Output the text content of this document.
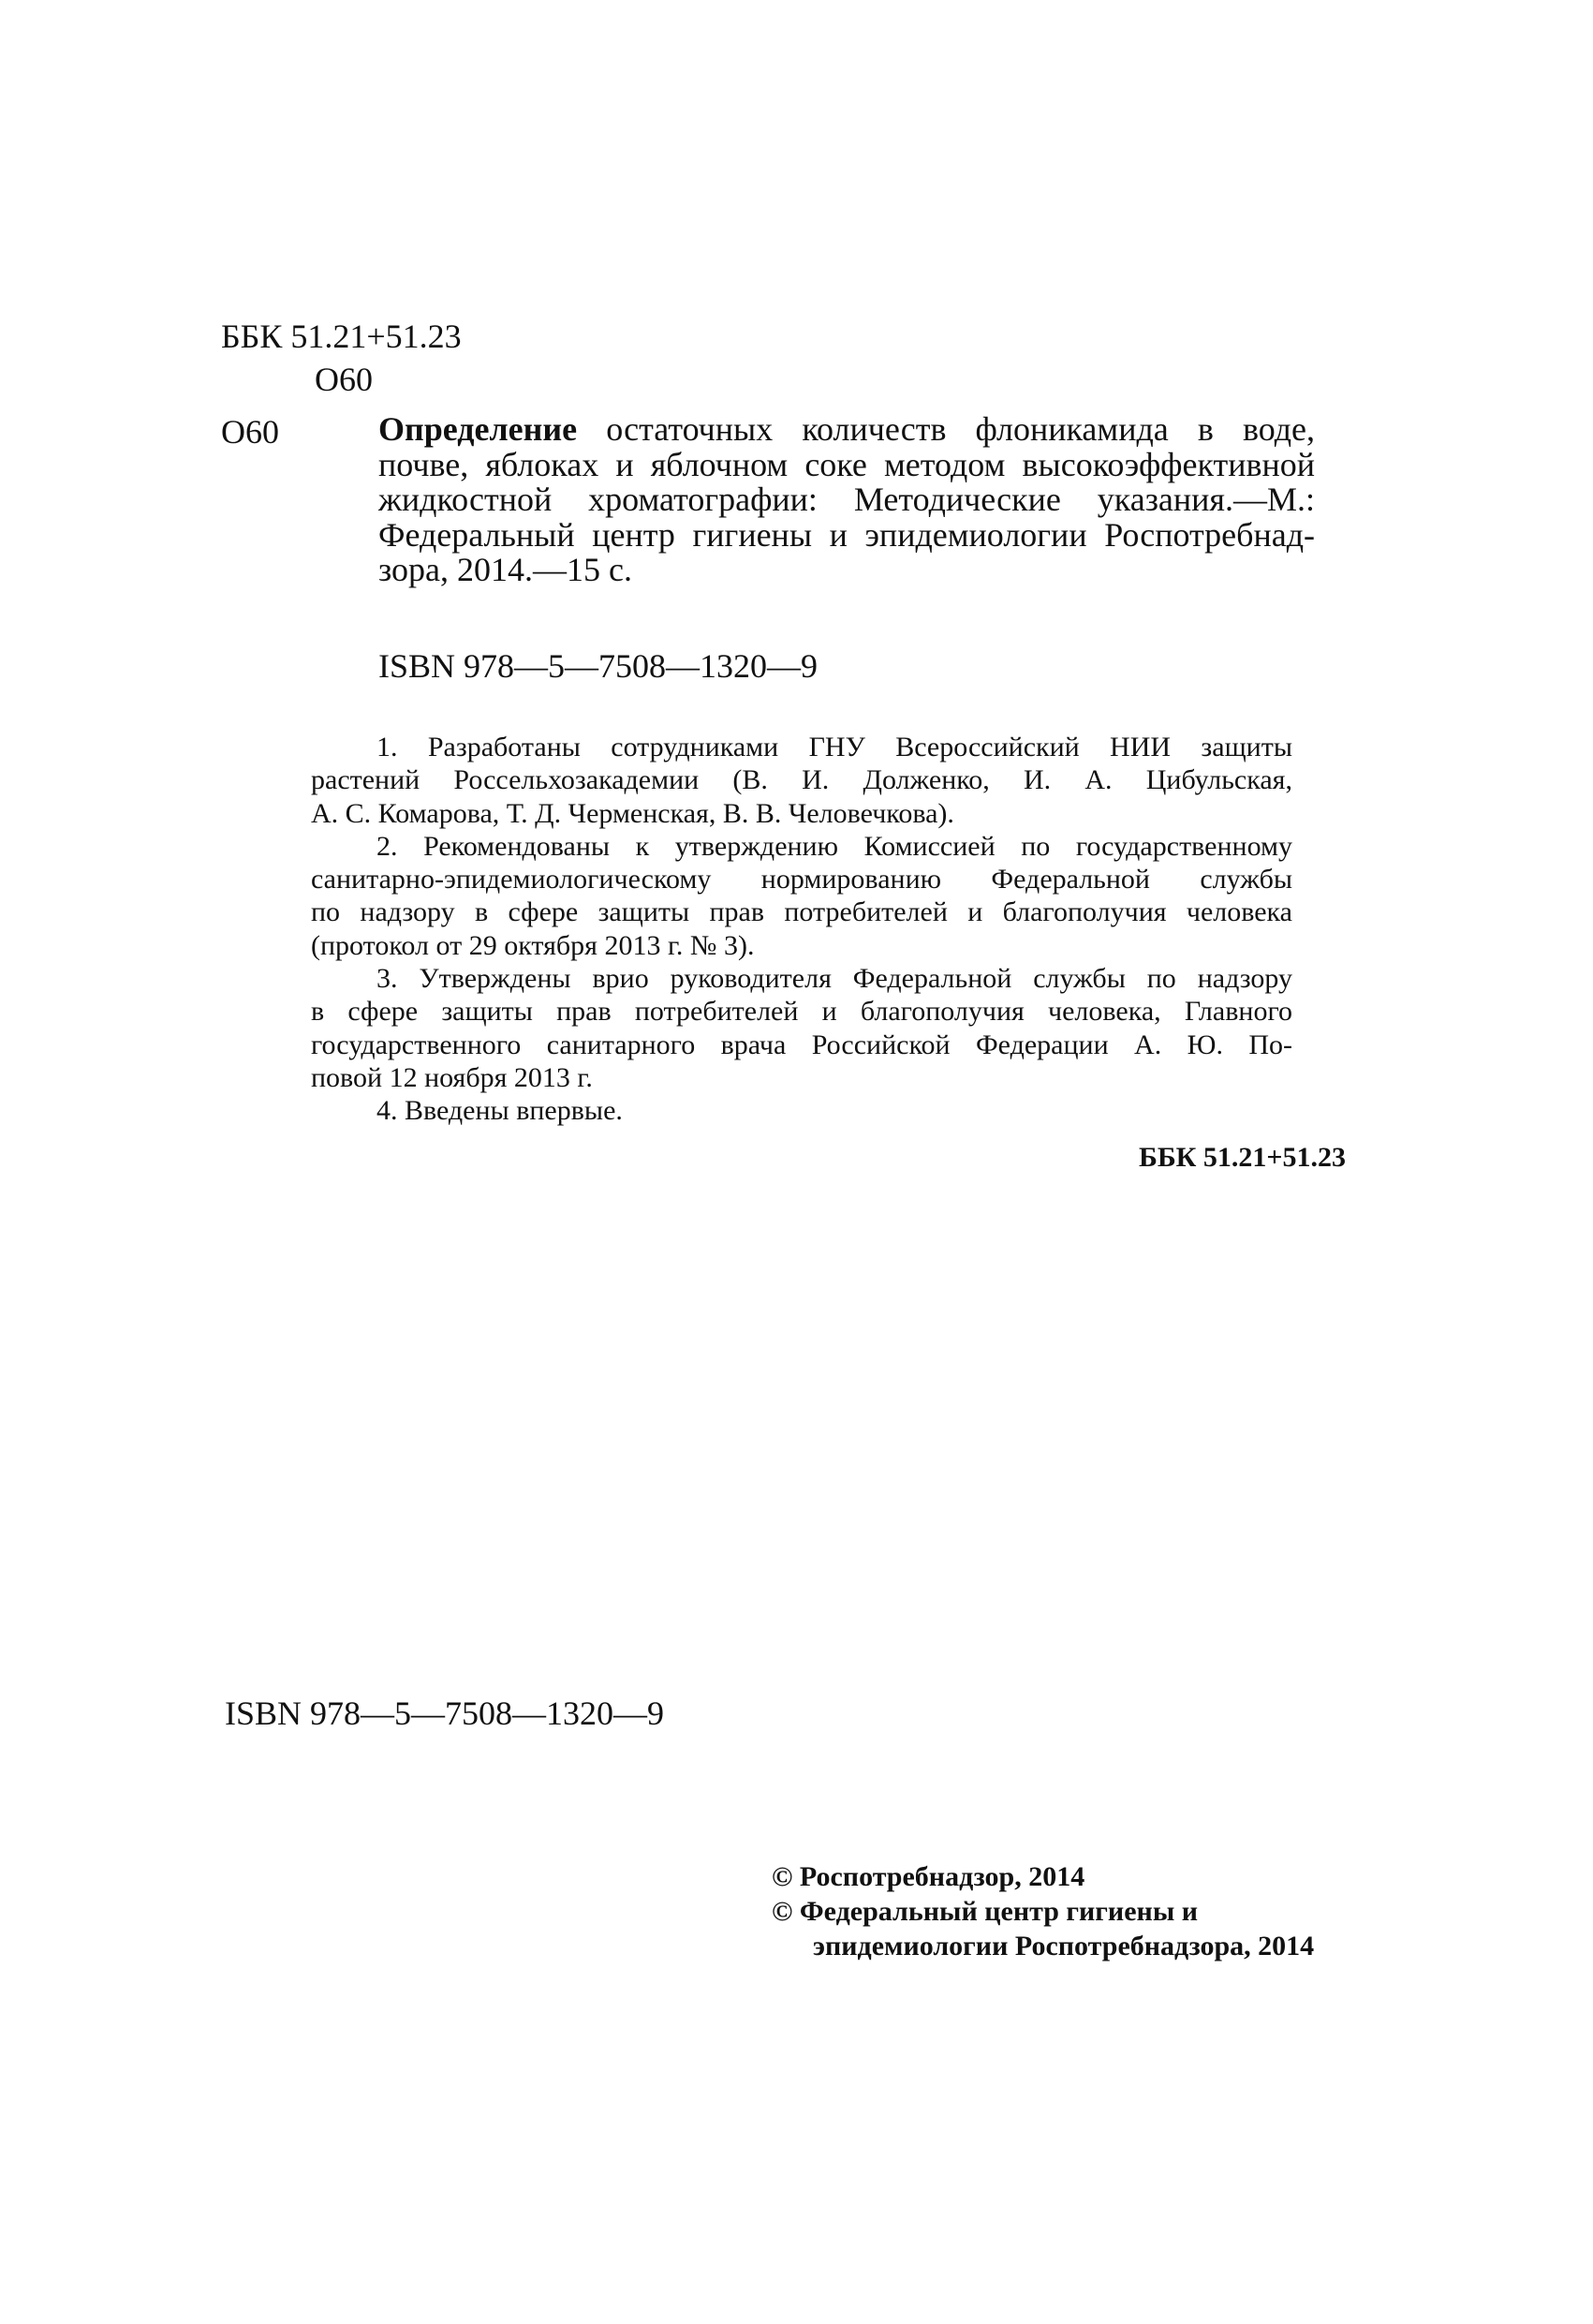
ББК 51.21+51.23
О60
О60	Определение остаточных количеств флоникамида в воде,
почве, яблоках и яблочном соке методом высокоэффективной
жидкостной хроматографии: Методические указания.—М.:
Федеральный центр гигиены и эпидемиологии Роспотребнад-
зора, 2014.—15 с.
ISBN 978—5—7508—1320—9
1. Разработаны сотрудниками ГНУ Всероссийский НИИ защиты
растений Россельхозакадемии (В. И. Долженко, И. А. Цибульская,
А. С. Комарова, Т. Д. Черменская, В. В. Человечкова).
2. Рекомендованы к утверждению Комиссией по государственному
санитарно-эпидемиологическому нормированию Федеральной службы
по надзору в сфере защиты прав потребителей и благополучия человека
(протокол от 29 октября 2013 г. № 3).
3. Утверждены врио руководителя Федеральной службы по надзору
в сфере защиты прав потребителей и благополучия человека, Главного
государственного санитарного врача Российской Федерации А. Ю. По-
повой 12 ноября 2013 г.
4. Введены впервые.
ББК 51.21+51.23
ISBN 978—5—7508—1320—9
© Роспотребнадзор, 2014
© Федеральный центр гигиены и
эпидемиологии Роспотребнадзора, 2014
